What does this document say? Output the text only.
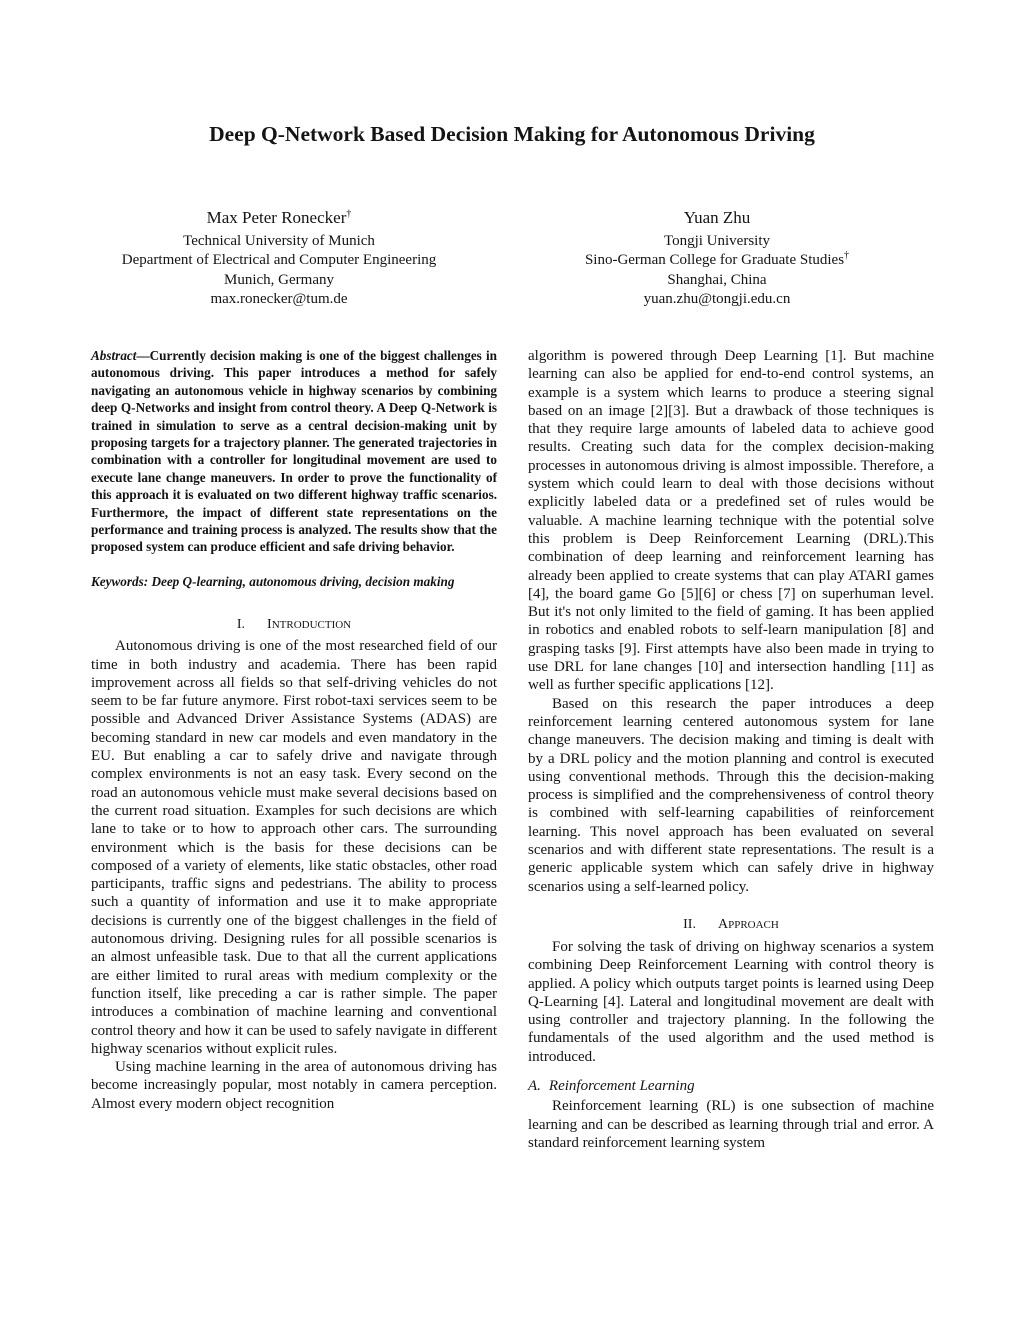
Deep Q-Network Based Decision Making for Autonomous Driving
Max Peter Ronecker†
Technical University of Munich
Department of Electrical and Computer Engineering
Munich, Germany
max.ronecker@tum.de
Yuan Zhu
Tongji University
Sino-German College for Graduate Studies†
Shanghai, China
yuan.zhu@tongji.edu.cn

Abstract—Currently decision making is one of the biggest challenges in autonomous driving. This paper introduces a method for safely navigating an autonomous vehicle in highway scenarios by combining deep Q-Networks and insight from control theory. A Deep Q-Network is trained in simulation to serve as a central decision-making unit by proposing targets for a trajectory planner. The generated trajectories in combination with a controller for longitudinal movement are used to execute lane change maneuvers. In order to prove the functionality of this approach it is evaluated on two different highway traffic scenarios. Furthermore, the impact of different state representations on the performance and training process is analyzed. The results show that the proposed system can produce efficient and safe driving behavior.

Keywords: Deep Q-learning, autonomous driving, decision making

I. INTRODUCTION

Autonomous driving is one of the most researched field of our time in both industry and academia. There has been rapid improvement across all fields so that self-driving vehicles do not seem to be far future anymore. First robot-taxi services seem to be possible and Advanced Driver Assistance Systems (ADAS) are becoming standard in new car models and even mandatory in the EU. But enabling a car to safely drive and navigate through complex environments is not an easy task. Every second on the road an autonomous vehicle must make several decisions based on the current road situation. Examples for such decisions are which lane to take or to how to approach other cars. The surrounding environment which is the basis for these decisions can be composed of a variety of elements, like static obstacles, other road participants, traffic signs and pedestrians. The ability to process such a quantity of information and use it to make appropriate decisions is currently one of the biggest challenges in the field of autonomous driving. Designing rules for all possible scenarios is an almost unfeasible task. Due to that all the current applications are either limited to rural areas with medium complexity or the function itself, like preceding a car is rather simple. The paper introduces a combination of machine learning and conventional control theory and how it can be used to safely navigate in different highway scenarios without explicit rules.

Using machine learning in the area of autonomous driving has become increasingly popular, most notably in camera perception. Almost every modern object recognition

algorithm is powered through Deep Learning [1]. But machine learning can also be applied for end-to-end control systems, an example is a system which learns to produce a steering signal based on an image [2][3]. But a drawback of those techniques is that they require large amounts of labeled data to achieve good results. Creating such data for the complex decision-making processes in autonomous driving is almost impossible. Therefore, a system which could learn to deal with those decisions without explicitly labeled data or a predefined set of rules would be valuable. A machine learning technique with the potential solve this problem is Deep Reinforcement Learning (DRL).This combination of deep learning and reinforcement learning has already been applied to create systems that can play ATARI games [4], the board game Go [5][6] or chess [7] on superhuman level. But it's not only limited to the field of gaming. It has been applied in robotics and enabled robots to self-learn manipulation [8] and grasping tasks [9]. First attempts have also been made in trying to use DRL for lane changes [10] and intersection handling [11] as well as further specific applications [12].

Based on this research the paper introduces a deep reinforcement learning centered autonomous system for lane change maneuvers. The decision making and timing is dealt with by a DRL policy and the motion planning and control is executed using conventional methods. Through this the decision-making process is simplified and the comprehensiveness of control theory is combined with self-learning capabilities of reinforcement learning. This novel approach has been evaluated on several scenarios and with different state representations. The result is a generic applicable system which can safely drive in highway scenarios using a self-learned policy.

II. APPROACH

For solving the task of driving on highway scenarios a system combining Deep Reinforcement Learning with control theory is applied. A policy which outputs target points is learned using Deep Q-Learning [4]. Lateral and longitudinal movement are dealt with using controller and trajectory planning. In the following the fundamentals of the used algorithm and the used method is introduced.

A. Reinforcement Learning

Reinforcement learning (RL) is one subsection of machine learning and can be described as learning through trial and error. A standard reinforcement learning system
